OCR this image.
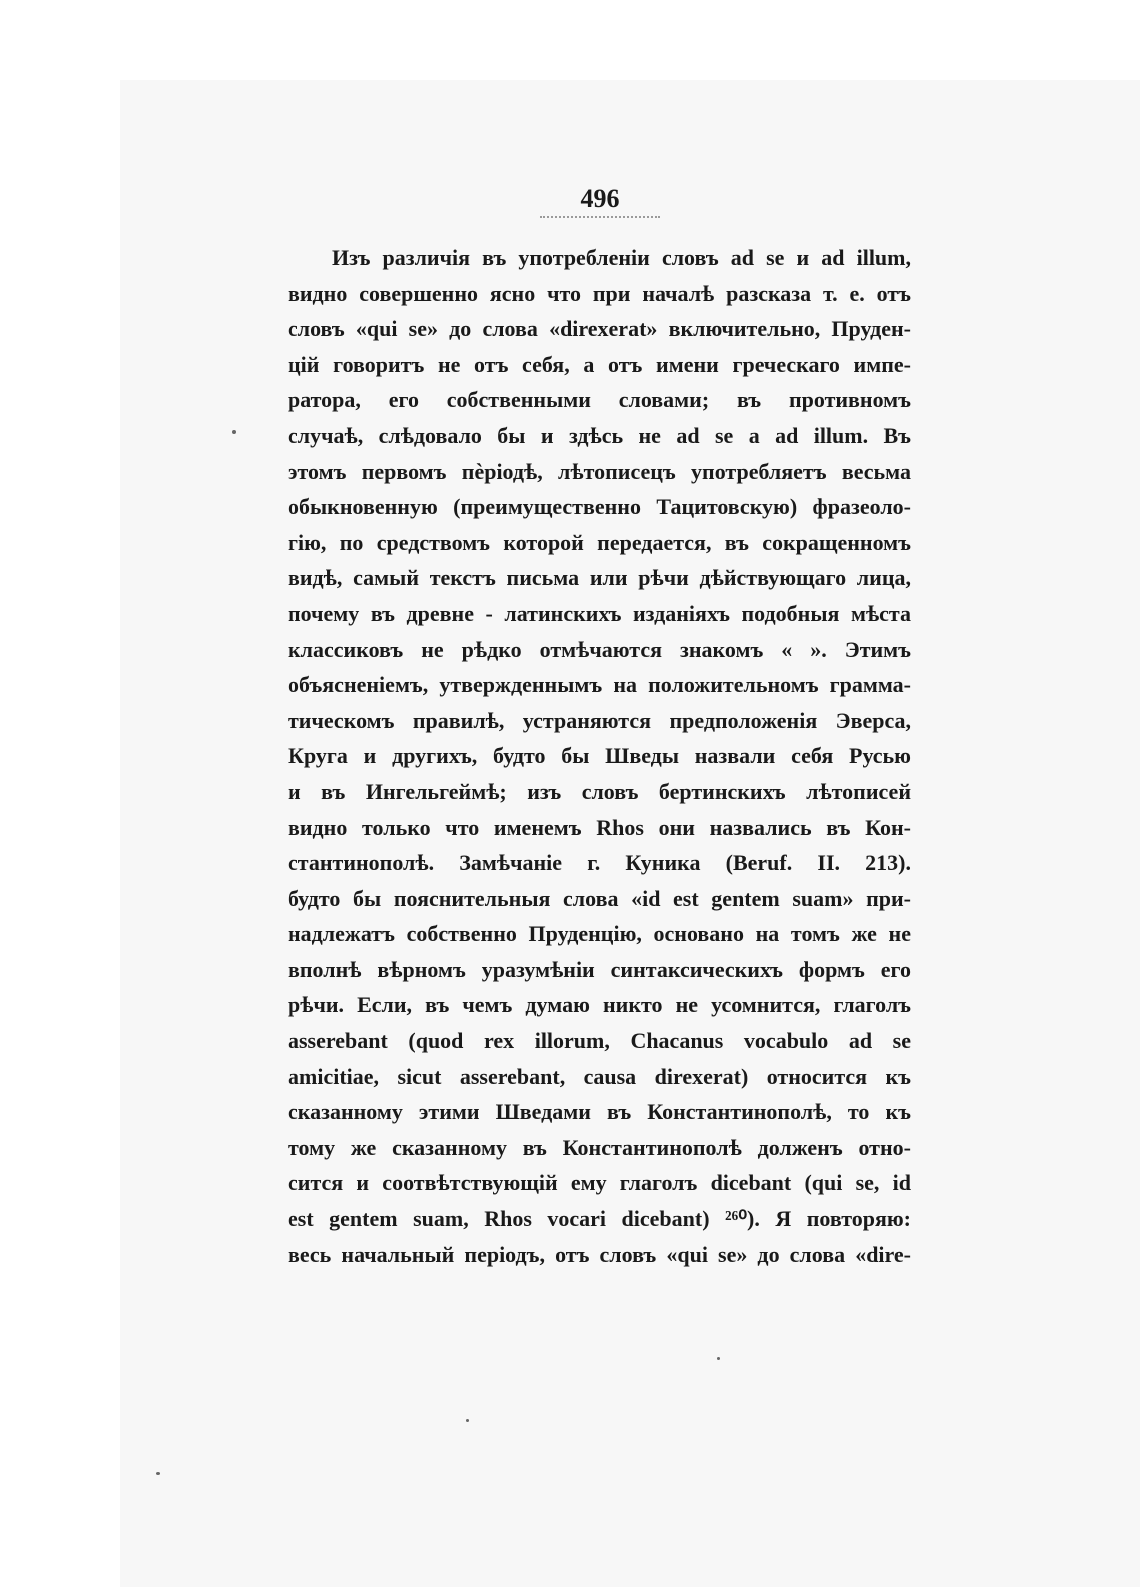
496
Изъ различія въ употребленіи словъ ad se и ad illum,
видно совершенно ясно что при началѣ разсказа т. е. отъ
словъ «qui se» до слова «direxerat» включительно, Пруден-
цій говоритъ не отъ себя, а отъ имени греческаго импе-
ратора, его собственными словами; въ противномъ
случаѣ, слѣдовало бы и здѣсь не ad se а ad illum. Въ
этомъ первомъ пѐріодѣ, лѣтописецъ употребляетъ весьма
обыкновенную (преимущественно Тацитовскую) фразеоло-
гію, по средствомъ которой передается, въ сокращенномъ
видѣ, самый текстъ письма или рѣчи дѣйствующаго лица,
почему въ древне - латинскихъ изданіяхъ подобныя мѣста
классиковъ не рѣдко отмѣчаются знакомъ « ». Этимъ
объясненіемъ, утвержденнымъ на положительномъ грамма-
тическомъ правилѣ, устраняются предположенія Эверса,
Круга и другихъ, будто бы Шведы назвали себя Русью
и въ Ингельгеймѣ; изъ словъ бертинскихъ лѣтописей
видно только что именемъ Rhos они назвались въ Кон-
стантинополѣ. Замѣчаніе г. Куника (Beruf. II. 213).
будто бы пояснительныя слова «id est gentem suam» при-
надлежатъ собственно Пруденцію, основано на томъ же не
вполнѣ вѣрномъ уразумѣніи синтаксическихъ формъ его
рѣчи. Если, въ чемъ думаю никто не усомнится, глаголъ
asserebant (quod rex illorum, Chacanus vocabulo ad se
amicitiae, sicut asserebant, causa direxerat) относится къ
сказанному этими Шведами въ Константинополѣ, то къ
тому же сказанному въ Константинополѣ долженъ отно-
сится и соотвѣтствующій ему глаголъ dicebant (qui se, id
est gentem suam, Rhos vocari dicebant) ²⁶⁰). Я повторяю:
весь начальный періодъ, отъ словъ «qui se» до слова «dire-
